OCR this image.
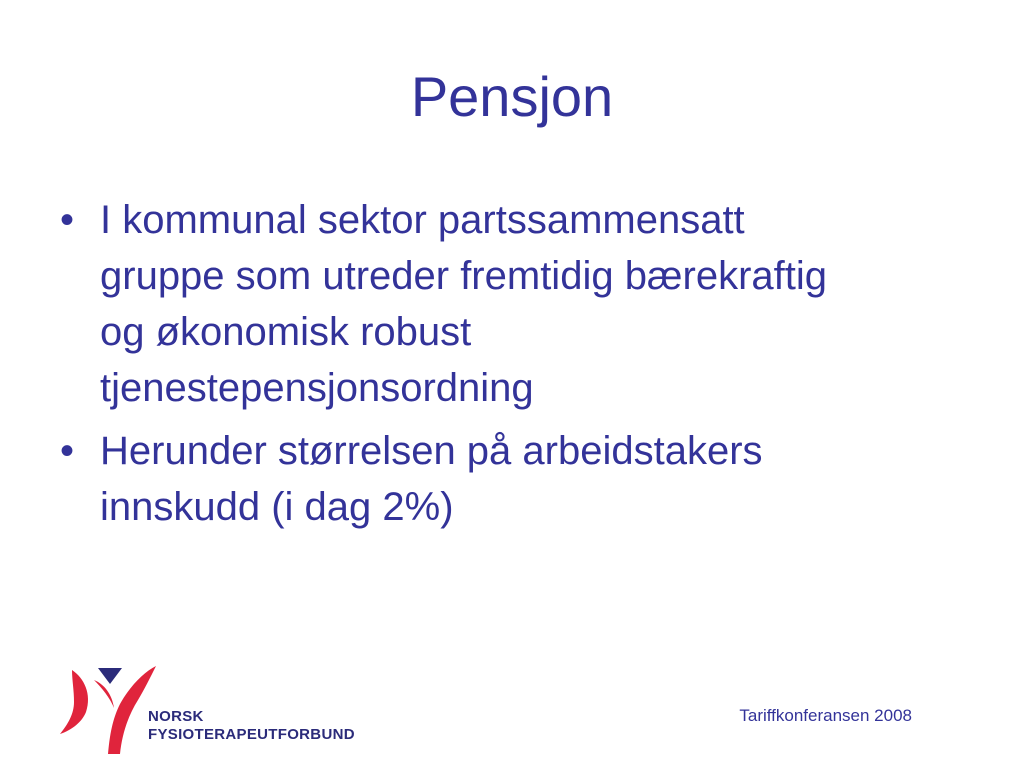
Pensjon
• I kommunal sektor partssammensatt
gruppe som utreder fremtidig bærekraftig
og økonomisk robust
tjenestepensjonsordning
• Herunder størrelsen på arbeidstakers
innskudd (i dag 2%)
NORSK
FYSIOTERAPEUTFORBUND
Tariffkonferansen 2008
